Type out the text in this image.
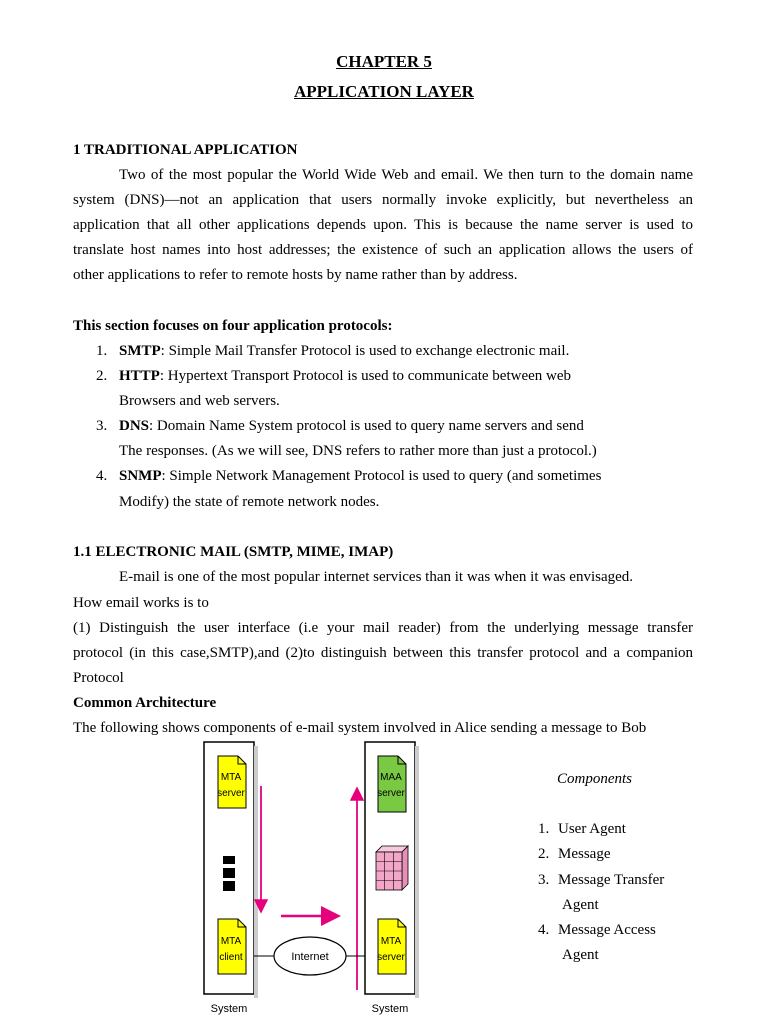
CHAPTER 5
APPLICATION LAYER
1 TRADITIONAL APPLICATION
Two of the most popular the World Wide Web and email. We then turn to the domain name
system (DNS)—not an application that users normally invoke explicitly, but nevertheless an
application that all other applications depends upon. This is because the name server is used to
translate host names into host addresses; the existence of such an application allows the users of
other applications to refer to remote hosts by name rather than by address.
This section focuses on four application protocols:
1. SMTP: Simple Mail Transfer Protocol is used to exchange electronic mail.
2. HTTP: Hypertext Transport Protocol is used to communicate between web
Browsers and web servers.
3. DNS: Domain Name System protocol is used to query name servers and send
The responses. (As we will see, DNS refers to rather more than just a protocol.)
4. SNMP: Simple Network Management Protocol is used to query (and sometimes
Modify) the state of remote network nodes.
1.1 ELECTRONIC MAIL (SMTP, MIME, IMAP)
E-mail is one of the most popular internet services than it was when it was envisaged.
How email works is to
(1) Distinguish the user interface (i.e your mail reader) from the underlying message transfer
protocol (in this case,SMTP),and (2)to distinguish between this transfer protocol and a companion
Protocol
Common Architecture
The following shows components of e-mail system involved in Alice sending a message to Bob
MTA
server
MTA
client
MAA
server
MTA
server
Internet
System	System
Components
1. User Agent
2. Message
3. Message Transfer
Agent
4. Message Access
Agent
